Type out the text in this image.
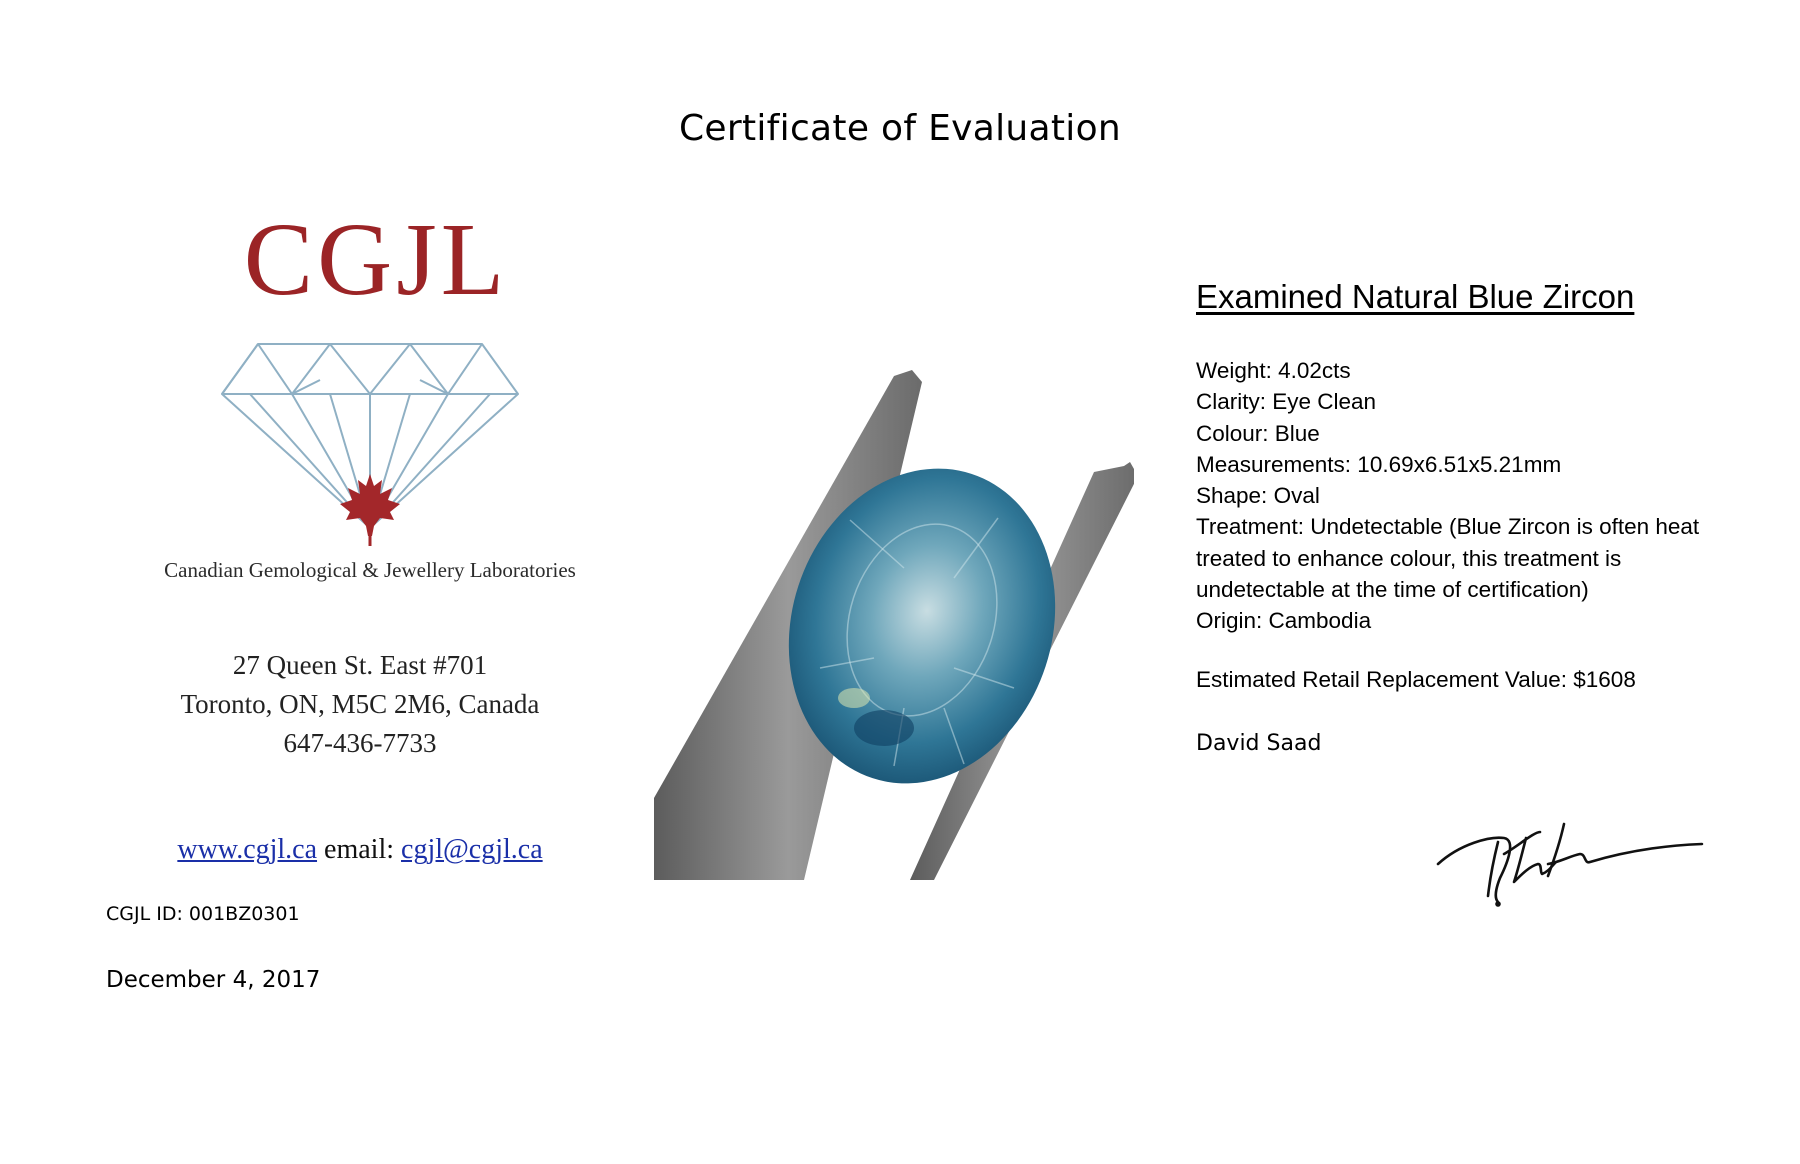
Certificate of Evaluation
CGJL
Canadian Gemological & Jewellery Laboratories
27 Queen St. East #701
Toronto, ON, M5C 2M6, Canada
647-436-7733
www.cgjl.ca email: cgjl@cgjl.ca
CGJL ID: 001BZ0301
December 4, 2017
Examined Natural Blue Zircon
Weight: 4.02cts
Clarity: Eye Clean
Colour: Blue
Measurements: 10.69x6.51x5.21mm
Shape: Oval
Treatment: Undetectable (Blue Zircon is often heat treated to enhance colour, this treatment is undetectable at the time of certification)
Origin: Cambodia
Estimated Retail Replacement Value: $1608
David Saad
